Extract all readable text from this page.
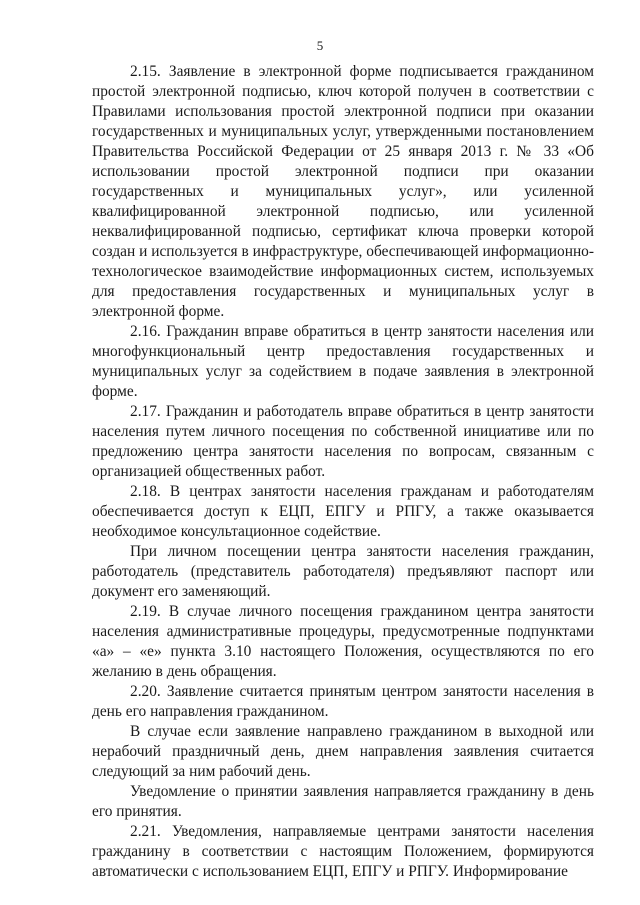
5

2.15. Заявление в электронной форме подписывается гражданином простой электронной подписью, ключ которой получен в соответствии с Правилами использования простой электронной подписи при оказании государственных и муниципальных услуг, утвержденными постановлением Правительства Российской Федерации от 25 января 2013 г. № 33 «Об использовании простой электронной подписи при оказании государственных и муниципальных услуг», или усиленной квалифицированной электронной подписью, или усиленной неквалифицированной подписью, сертификат ключа проверки которой создан и используется в инфраструктуре, обеспечивающей информационно-технологическое взаимодействие информационных систем, используемых для предоставления государственных и муниципальных услуг в электронной форме.

2.16. Гражданин вправе обратиться в центр занятости населения или многофункциональный центр предоставления государственных и муниципальных услуг за содействием в подаче заявления в электронной форме.

2.17. Гражданин и работодатель вправе обратиться в центр занятости населения путем личного посещения по собственной инициативе или по предложению центра занятости населения по вопросам, связанным с организацией общественных работ.

2.18. В центрах занятости населения гражданам и работодателям обеспечивается доступ к ЕЦП, ЕПГУ и РПГУ, а также оказывается необходимое консультационное содействие.

При личном посещении центра занятости населения гражданин, работодатель (представитель работодателя) предъявляют паспорт или документ его заменяющий.

2.19. В случае личного посещения гражданином центра занятости населения административные процедуры, предусмотренные подпунктами «а» – «е» пункта 3.10 настоящего Положения, осуществляются по его желанию в день обращения.

2.20. Заявление считается принятым центром занятости населения в день его направления гражданином.

В случае если заявление направлено гражданином в выходной или нерабочий праздничный день, днем направления заявления считается следующий за ним рабочий день.

Уведомление о принятии заявления направляется гражданину в день его принятия.

2.21. Уведомления, направляемые центрами занятости населения гражданину в соответствии с настоящим Положением, формируются автоматически с использованием ЕЦП, ЕПГУ и РПГУ. Информирование
